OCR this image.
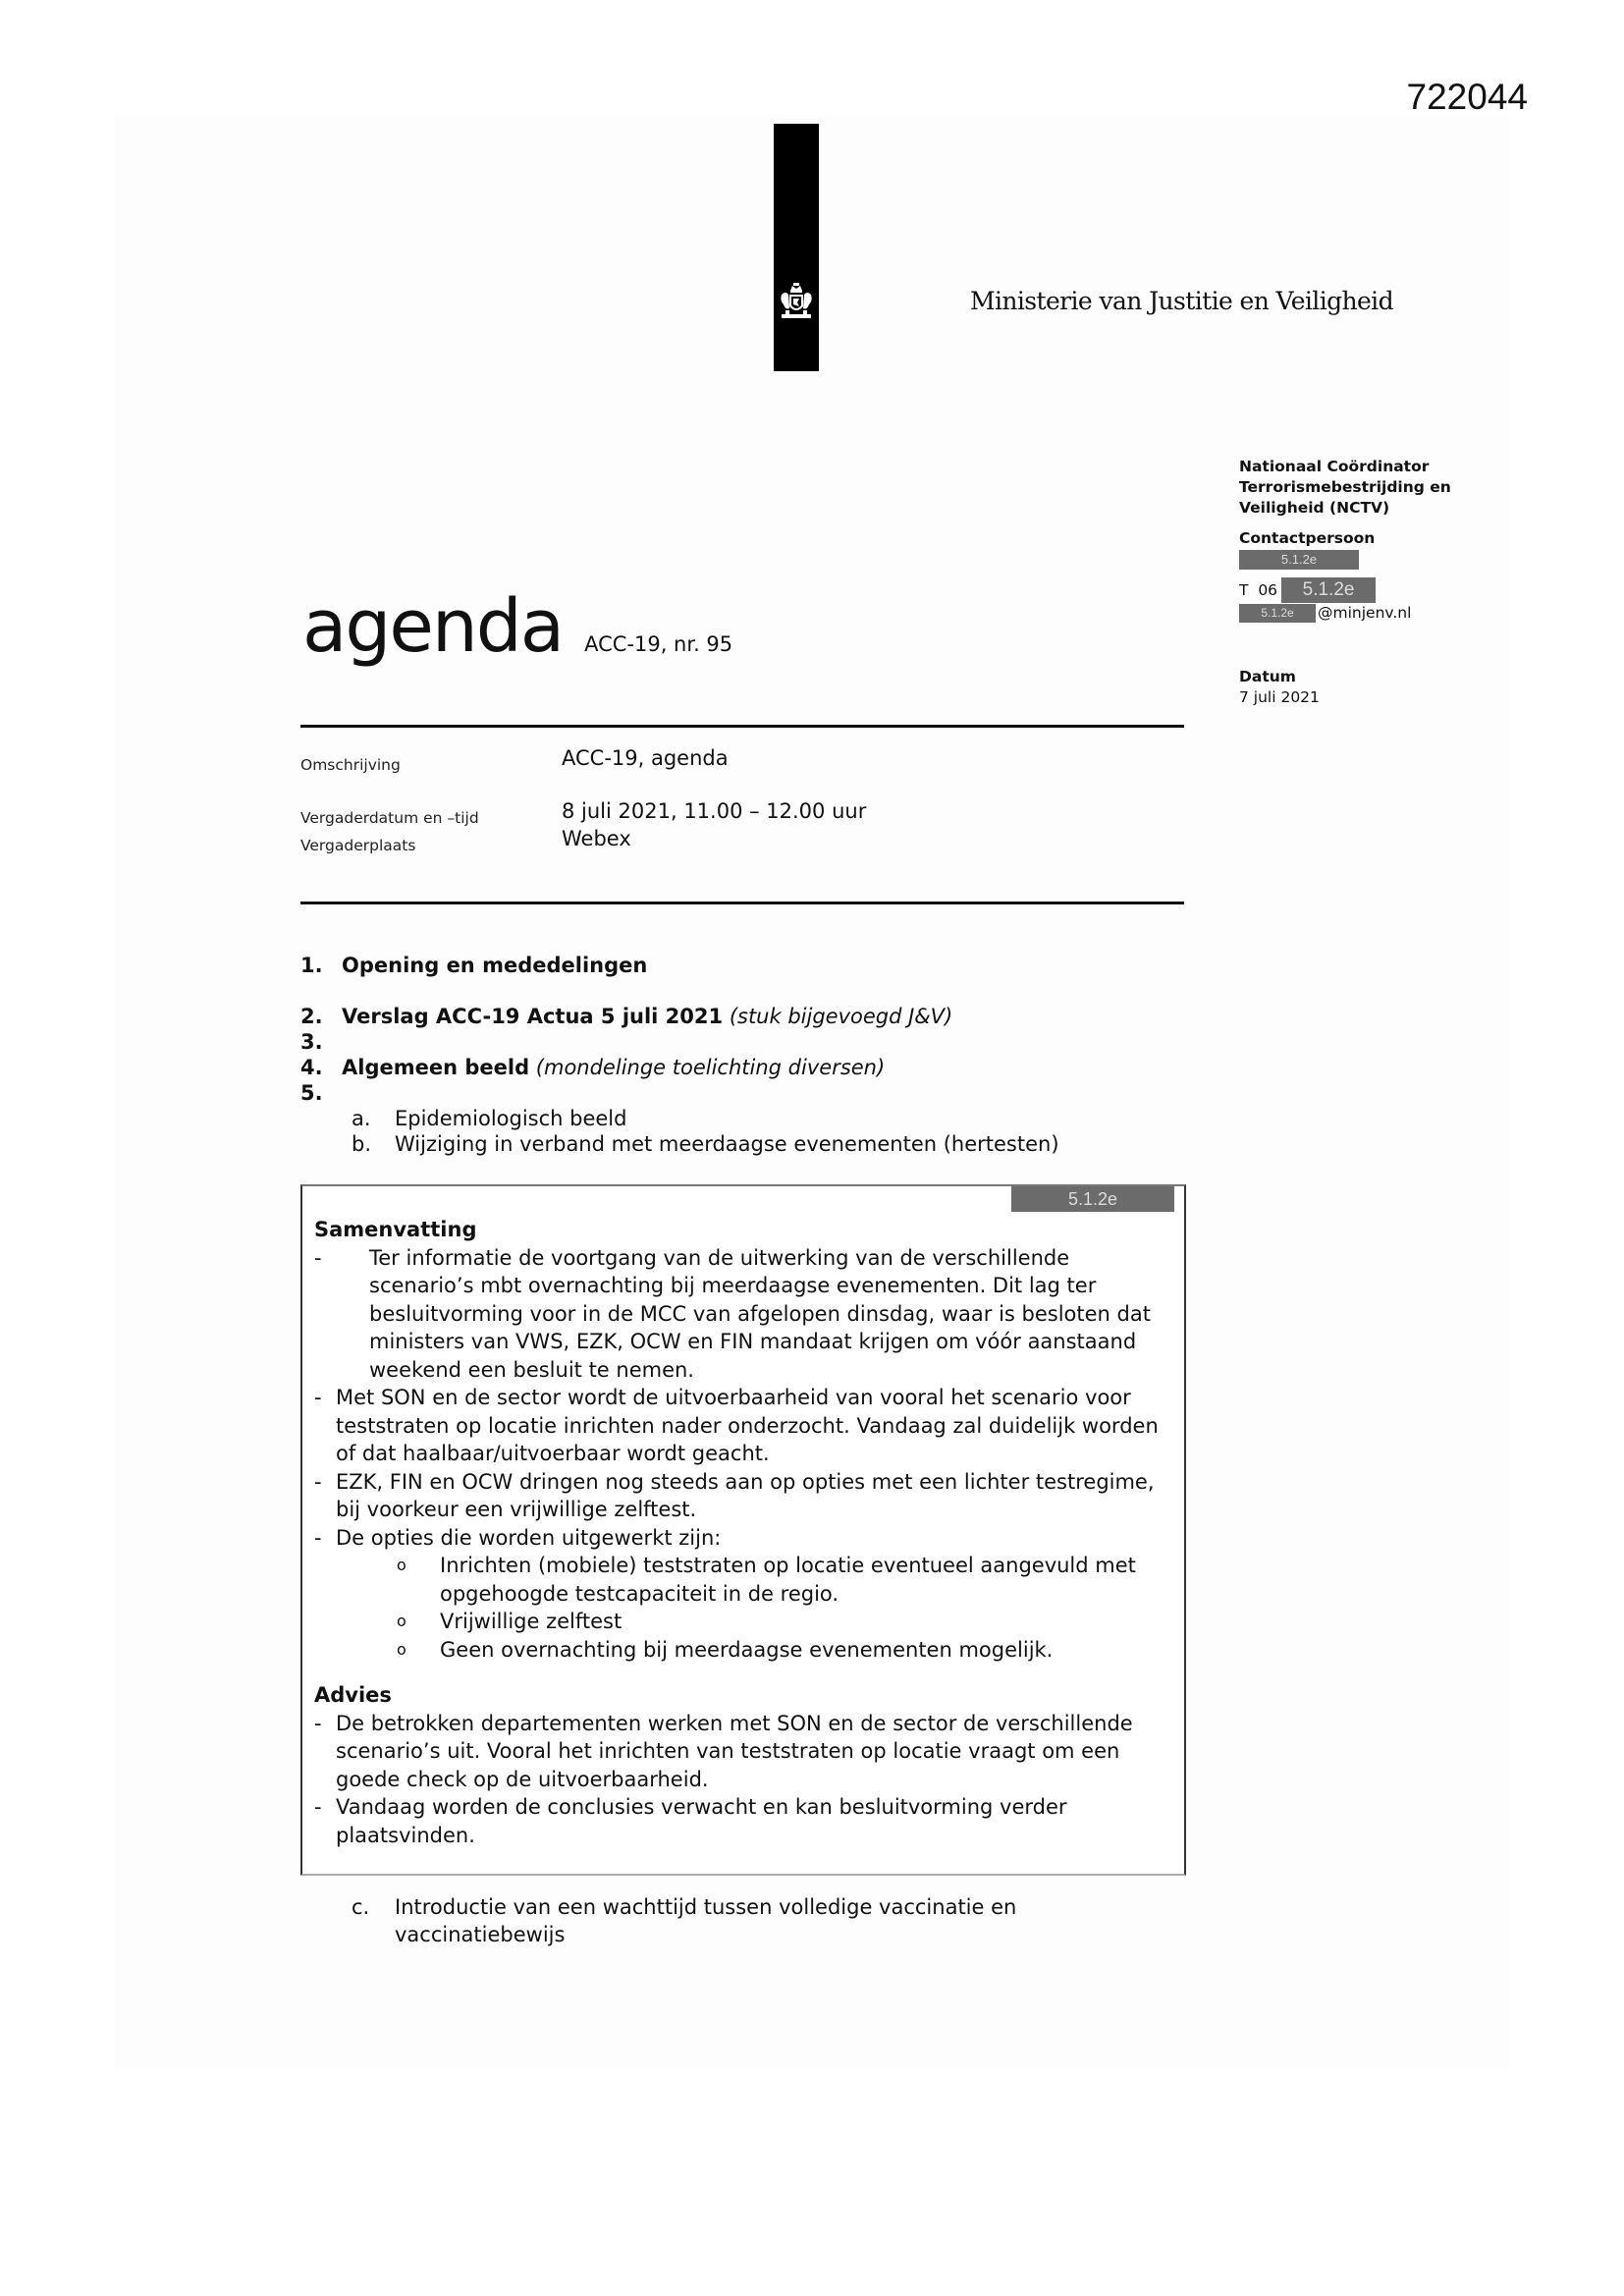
722044
Ministerie van Justitie en Veiligheid
Nationaal Coördinator
Terrorismebestrijding en
Veiligheid (NCTV)
Contactpersoon
5.1.2e
T  06	5.1.2e
5.1.2e	@minjenv.nl
Datum
7 juli 2021
agenda ACC-19, nr. 95
Omschrijving	ACC-19, agenda
Vergaderdatum en –tijd	8 juli 2021, 11.00 – 12.00 uur
Vergaderplaats	Webex
1. Opening en mededelingen
2. Verslag ACC-19 Actua 5 juli 2021 (stuk bijgevoegd J&V)
3.
4. Algemeen beeld (mondelinge toelichting diversen)
5.
a.	Epidemiologisch beeld
b.	Wijziging in verband met meerdaagse evenementen (hertesten)
5.1.2e
Samenvatting
-	Ter informatie de voortgang van de uitwerking van de verschillende scenario’s mbt overnachting bij meerdaagse evenementen. Dit lag ter besluitvorming voor in de MCC van afgelopen dinsdag, waar is besloten dat ministers van VWS, EZK, OCW en FIN mandaat krijgen om vóór aanstaand weekend een besluit te nemen.
- Met SON en de sector wordt de uitvoerbaarheid van vooral het scenario voor teststraten op locatie inrichten nader onderzocht. Vandaag zal duidelijk worden of dat haalbaar/uitvoerbaar wordt geacht.
- EZK, FIN en OCW dringen nog steeds aan op opties met een lichter testregime, bij voorkeur een vrijwillige zelftest.
- De opties die worden uitgewerkt zijn:
o	Inrichten (mobiele) teststraten op locatie eventueel aangevuld met opgehoogde testcapaciteit in de regio.
o	Vrijwillige zelftest
o	Geen overnachting bij meerdaagse evenementen mogelijk.
Advies
- De betrokken departementen werken met SON en de sector de verschillende scenario’s uit. Vooral het inrichten van teststraten op locatie vraagt om een goede check op de uitvoerbaarheid.
- Vandaag worden de conclusies verwacht en kan besluitvorming verder plaatsvinden.
c.	Introductie van een wachttijd tussen volledige vaccinatie en vaccinatiebewijs
